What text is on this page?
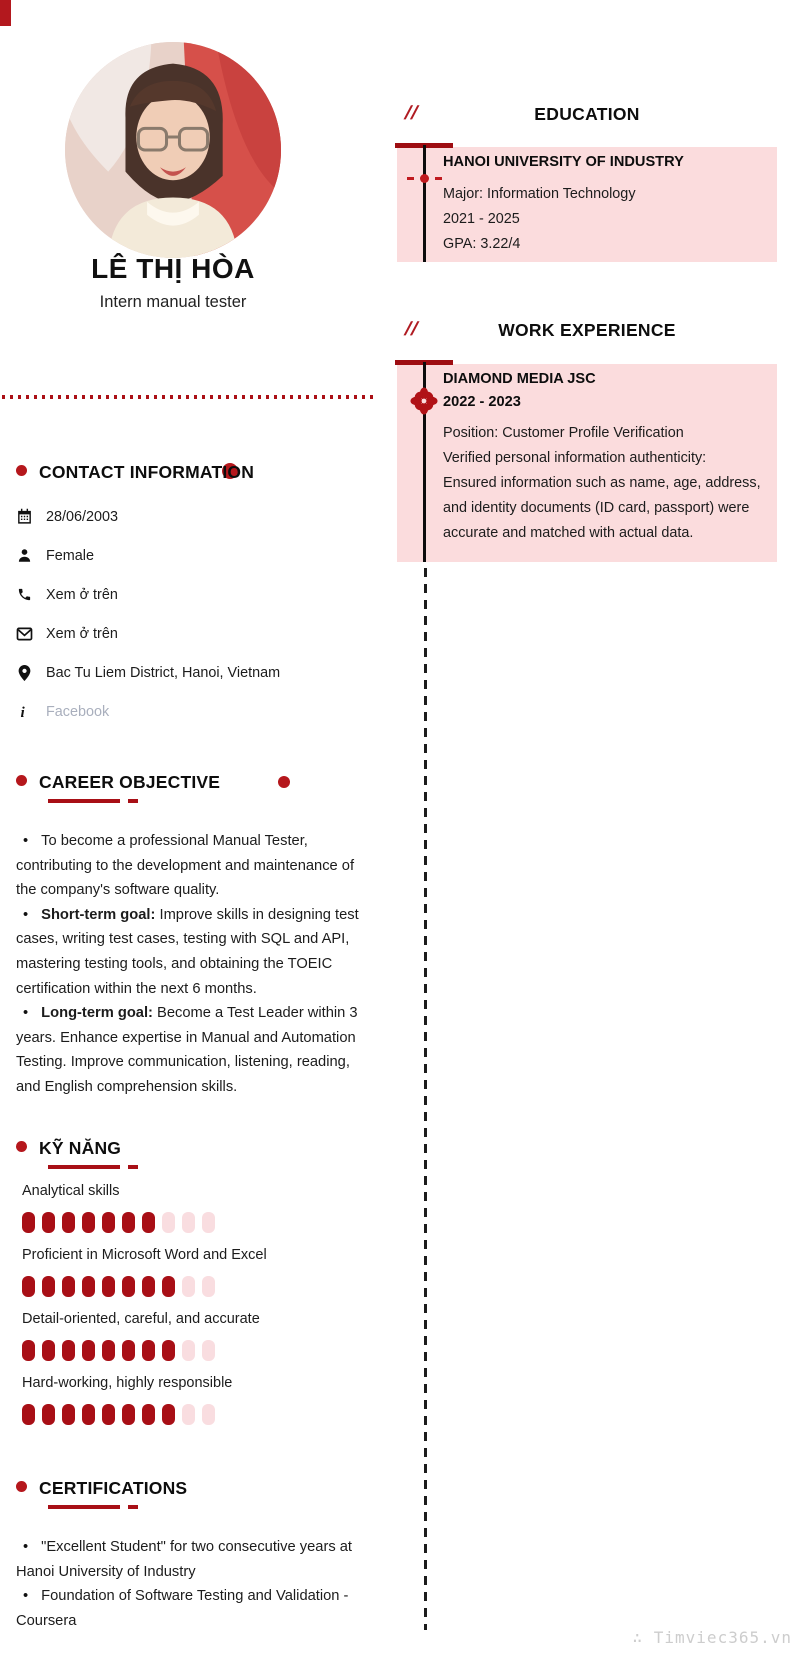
LÊ THỊ HÒA
Intern manual tester
CONTACT INFORMATION
28/06/2003
Female
Xem ở trên
Xem ở trên
Bac Tu Liem District, Hanoi, Vietnam
i Facebook
CAREER OBJECTIVE

• To become a professional Manual Tester, contributing to the development and maintenance of the company's software quality.

• Short-term goal: Improve skills in designing test cases, writing test cases, testing with SQL and API, mastering testing tools, and obtaining the TOEIC certification within the next 6 months.

• Long-term goal: Become a Test Leader within 3 years. Enhance expertise in Manual and Automation Testing. Improve communication, listening, reading, and English comprehension skills.

KỸ NĂNG
Analytical skills
Proficient in Microsoft Word and Excel
Detail-oriented, careful, and accurate
Hard-working, highly responsible
CERTIFICATIONS

• "Excellent Student" for two consecutive years at Hanoi University of Industry

• Foundation of Software Testing and Validation - Coursera

//	EDUCATION
HANOI UNIVERSITY OF INDUSTRY

Major: Information Technology

2021 - 2025

GPA: 3.22/4

//	WORK EXPERIENCE
DIAMOND MEDIA JSC
2022 - 2023

Position: Customer Profile Verification

Verified personal information authenticity: Ensured information such as name, age, address, and identity documents (ID card, passport) were accurate and matched with actual data.

∴ Timviec365.vn
